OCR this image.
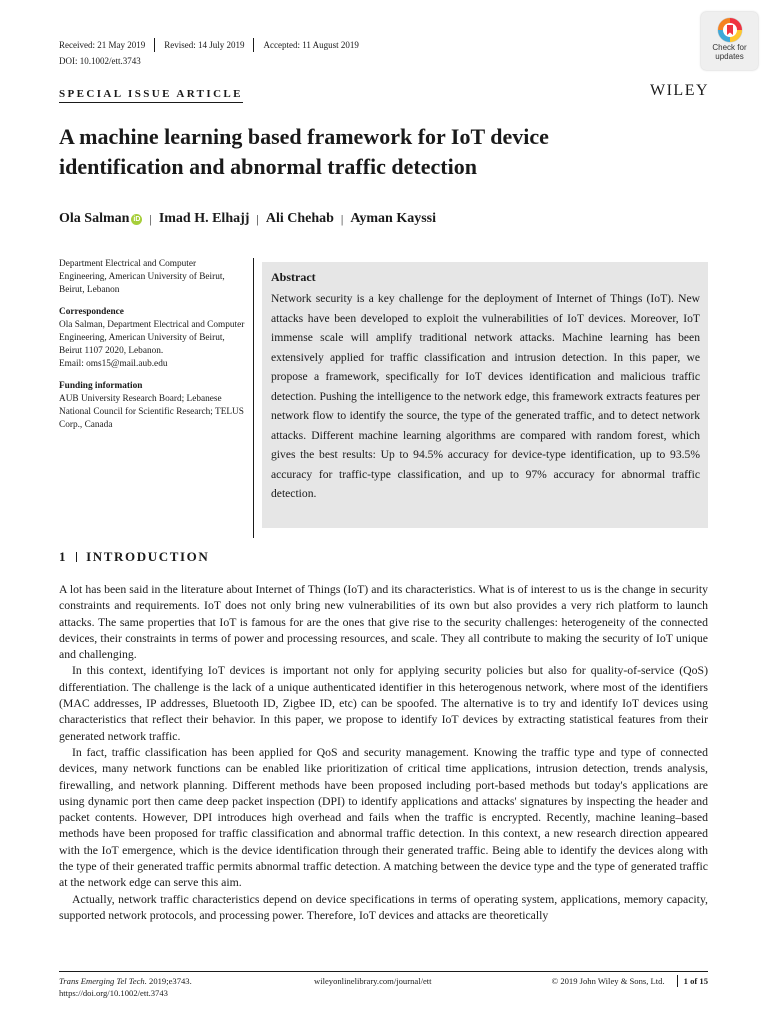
Received: 21 May 2019	Revised: 14 July 2019	Accepted: 11 August 2019
DOI: 10.1002/ett.3743
Check for
updates
SPECIAL ISSUE ARTICLE	WILEY
A machine learning based framework for IoT device identification and abnormal traffic detection
Ola Salman iD | Imad H. Elhajj | Ali Chehab | Ayman Kayssi

Department Electrical and Computer Engineering, American University of Beirut, Beirut, Lebanon

Correspondence

Ola Salman, Department Electrical and Computer Engineering, American University of Beirut, Beirut 1107 2020, Lebanon.

Email: oms15@mail.aub.edu

Funding information

AUB University Research Board; Lebanese National Council for Scientific Research; TELUS Corp., Canada

Abstract

Network security is a key challenge for the deployment of Internet of Things (IoT). New attacks have been developed to exploit the vulnerabilities of IoT devices. Moreover, IoT immense scale will amplify traditional network attacks. Machine learning has been extensively applied for traffic classification and intrusion detection. In this paper, we propose a framework, specifically for IoT devices identification and malicious traffic detection. Pushing the intelligence to the network edge, this framework extracts features per network flow to identify the source, the type of the generated traffic, and to detect network attacks. Different machine learning algorithms are compared with random forest, which gives the best results: Up to 94.5% accuracy for device-type identification, up to 93.5% accuracy for traffic-type classification, and up to 97% accuracy for abnormal traffic detection.

1 INTRODUCTION

A lot has been said in the literature about Internet of Things (IoT) and its characteristics. What is of interest to us is the change in security constraints and requirements. IoT does not only bring new vulnerabilities of its own but also provides a very rich platform to launch attacks. The same properties that IoT is famous for are the ones that give rise to the security challenges: heterogeneity of the connected devices, their constraints in terms of power and processing resources, and scale. They all contribute to making the security of IoT unique and challenging.

In this context, identifying IoT devices is important not only for applying security policies but also for quality-of-service (QoS) differentiation. The challenge is the lack of a unique authenticated identifier in this heterogenous network, where most of the identifiers (MAC addresses, IP addresses, Bluetooth ID, Zigbee ID, etc) can be spoofed. The alternative is to try and identify IoT devices using characteristics that reflect their behavior. In this paper, we propose to identify IoT devices by extracting statistical features from their generated network traffic.

In fact, traffic classification has been applied for QoS and security management. Knowing the traffic type and type of connected devices, many network functions can be enabled like prioritization of critical time applications, intrusion detection, trends analysis, firewalling, and network planning. Different methods have been proposed including port-based methods but today's applications are using dynamic port then came deep packet inspection (DPI) to identify applications and attacks' signatures by inspecting the header and packet contents. However, DPI introduces high overhead and fails when the traffic is encrypted. Recently, machine leaning–based methods have been proposed for traffic classification and abnormal traffic detection. In this context, a new research direction appeared with the IoT emergence, which is the device identification through their generated traffic. Being able to identify the devices along with the type of their generated traffic permits abnormal traffic detection. A matching between the device type and the type of generated traffic at the network edge can serve this aim.

Actually, network traffic characteristics depend on device specifications in terms of operating system, applications, memory capacity, supported network protocols, and processing power. Therefore, IoT devices and attacks are theoretically

Trans Emerging Tel Tech. 2019;e3743.
https://doi.org/10.1002/ett.3743
wileyonlinelibrary.com/journal/ett	© 2019 John Wiley & Sons, Ltd. 1 of 15
